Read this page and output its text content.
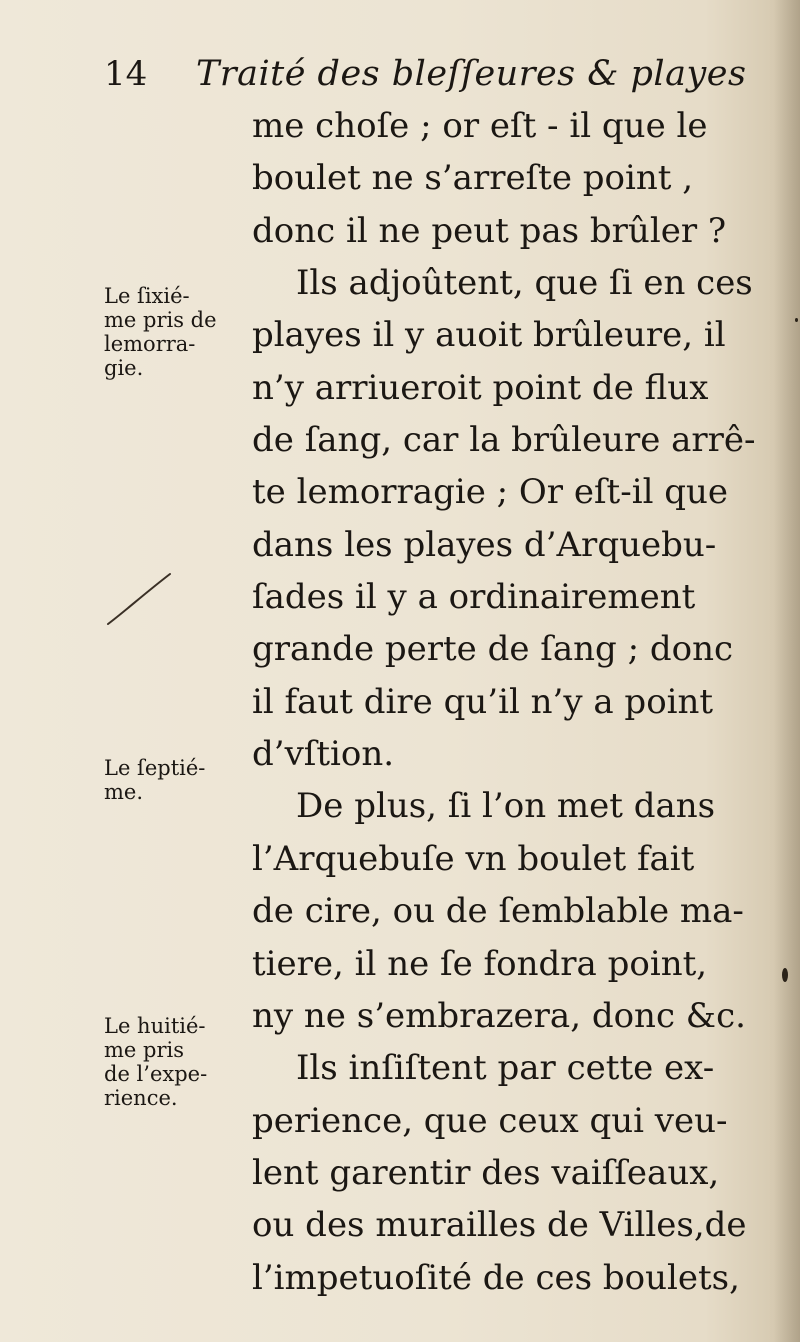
14 Traité des bleſſeures & playes
me choſe ; or eſt - il que le
boulet ne s’arreſte point ,
donc il ne peut pas brûler ?
Ils adjoûtent, que ſi en ces
playes il y auoit brûleure, il
n’y arriueroit point de flux
de ſang, car la brûleure arrê-
te lemorragie ; Or eſt-il que
dans les playes d’Arquebu-
ſades il y a ordinairement
grande perte de ſang ; donc
il faut dire qu’il n’y a point
d’vſtion.
De plus, ſi l’on met dans
l’Arquebuſe vn boulet fait
de cire, ou de ſemblable ma-
tiere, il ne ſe fondra point,
ny ne s’embrazera, donc &c.
Ils inſiſtent par cette ex-
perience, que ceux qui veu-
lent garentir des vaiſſeaux,
ou des murailles de Villes,de
l’impetuoſité de ces boulets,
Le ſixié-
me pris de
lemorra-
gie.
Le ſeptié-
me.
Le huitié-
me pris
de l’expe-
rience.
